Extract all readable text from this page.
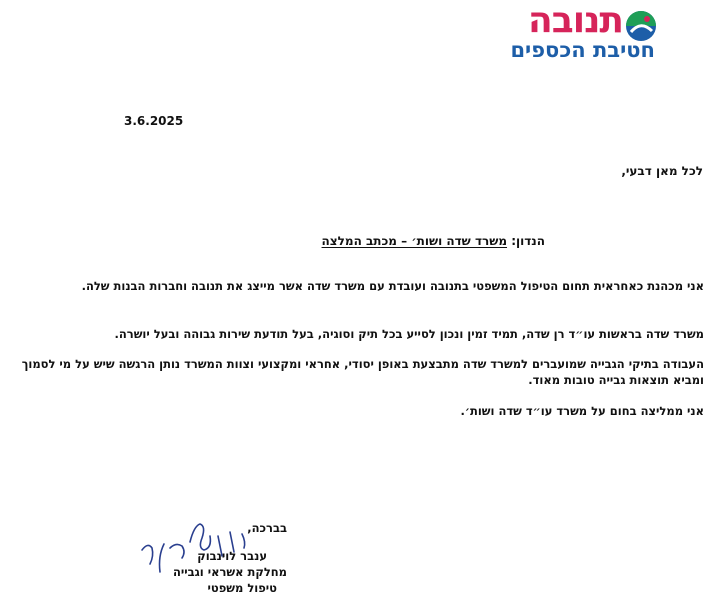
תנובה
חטיבת הכספים
3.6.2025
לכל מאן דבעי,
הנדון: משרד שדה ושות׳ – מכתב המלצה
אני מכהנת כאחראית תחום הטיפול המשפטי בתנובה ועובדת עם משרד שדה אשר מייצג את תנובה וחברות הבנות שלה.
משרד שדה בראשות עו״ד רן שדה, תמיד זמין ונכון לסייע בכל תיק וסוגיה, בעל תודעת שירות גבוהה ובעל יושרה.
העבודה בתיקי הגבייה שמועברים למשרד שדה מתבצעת באופן יסודי, אחראי ומקצועי וצוות המשרד נותן הרגשה שיש על מי לסמוך ומביא תוצאות גבייה טובות מאוד.
אני ממליצה בחום על משרד עו״ד שדה ושות׳.
בברכה,
ענבר לוינבוק
מחלקת אשראי וגבייה
טיפול משפטי
